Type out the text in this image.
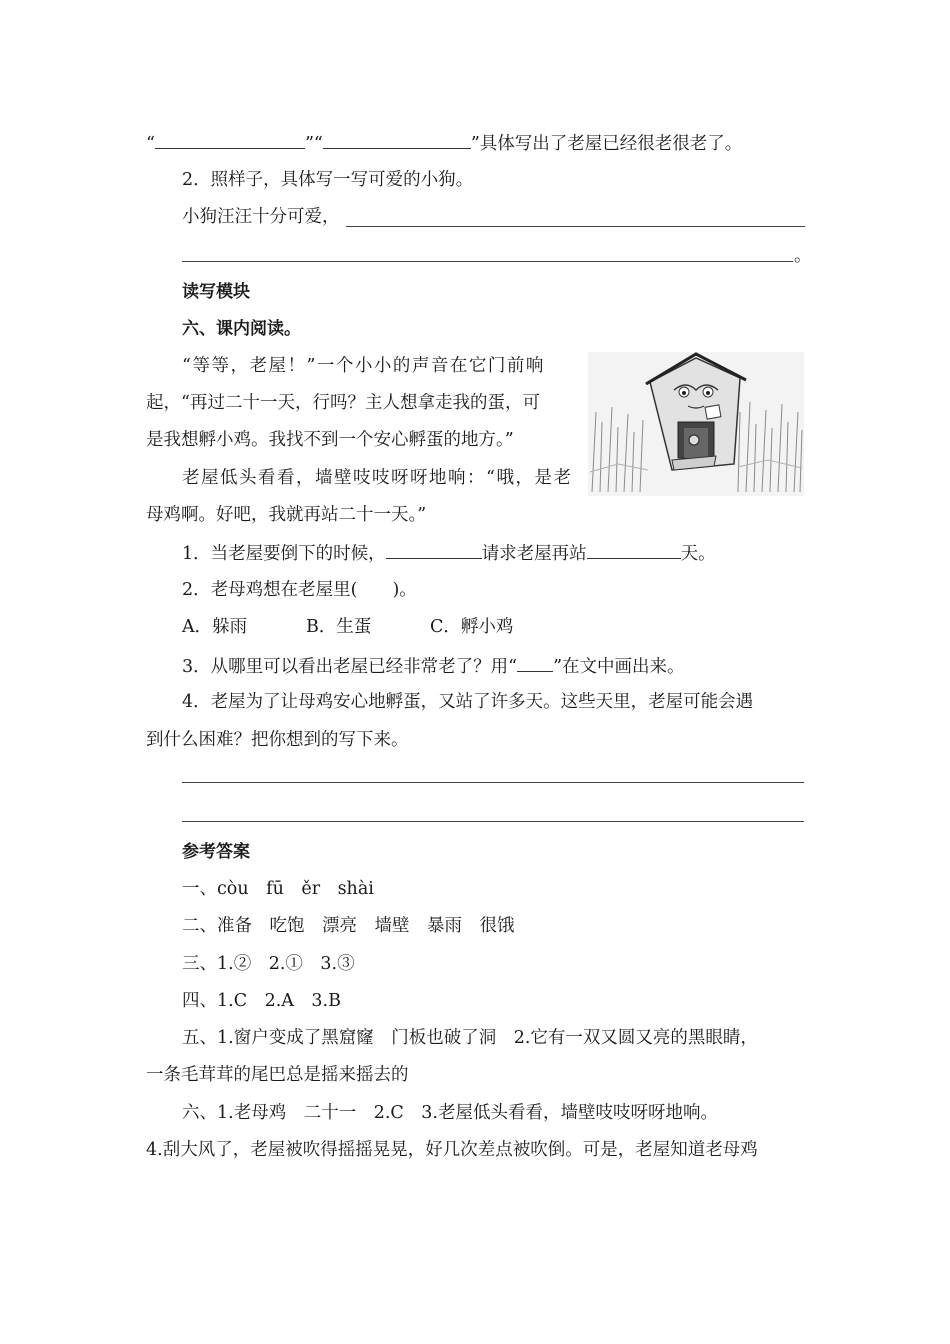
“	”“	”具体写出了老屋已经很老很老了。
2．照样子，具体写一写可爱的小狗。
小狗汪汪十分可爱，
。
读写模块
六、课内阅读。
“等等，老屋！”一个小小的声音在它门前响
起，“再过二十一天，行吗？主人想拿走我的蛋，可
是我想孵小鸡。我找不到一个安心孵蛋的地方。”
老屋低头看看，墙壁吱吱呀呀地响：“哦，是老
母鸡啊。好吧，我就再站二十一天。”
1．当老屋要倒下的时候，	请求老屋再站	天。
2．老母鸡想在老屋里(　　)。
A．躲雨	B．生蛋	C．孵小鸡
3．从哪里可以看出老屋已经非常老了？用“ ”在文中画出来。
4．老屋为了让母鸡安心地孵蛋，又站了许多天。这些天里，老屋可能会遇
到什么困难？把你想到的写下来。
参考答案
一、còu　fū　ěr　shài
二、准备　吃饱　漂亮　墙壁　暴雨　很饿
三、1.②　2.①　3.③
四、1.C　2.A　3.B
五、1.窗户变成了黑窟窿　门板也破了洞　2.它有一双又圆又亮的黑眼睛，
一条毛茸茸的尾巴总是摇来摇去的
六、1.老母鸡　二十一　2.C　3.老屋低头看看，墙壁吱吱呀呀地响。
4.刮大风了，老屋被吹得摇摇晃晃，好几次差点被吹倒。可是，老屋知道老母鸡
